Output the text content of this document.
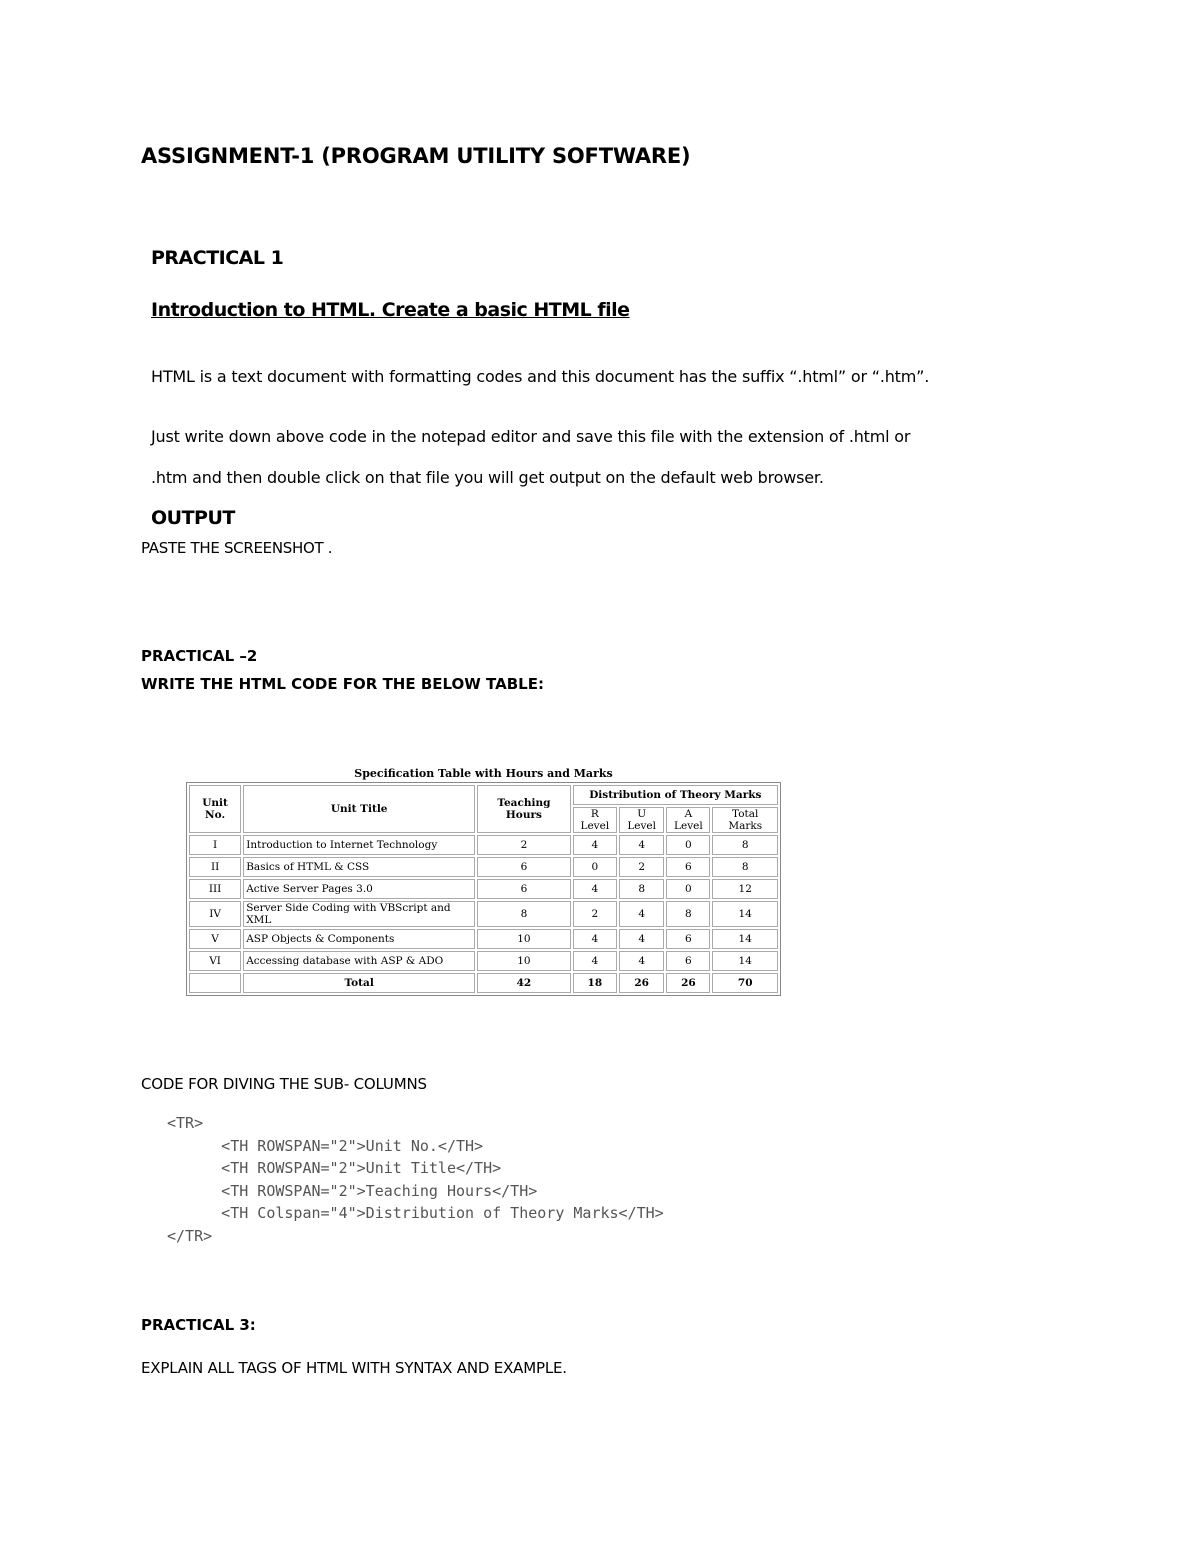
ASSIGNMENT-1 (PROGRAM UTILITY SOFTWARE)
PRACTICAL 1
Introduction to HTML. Create a basic HTML file
HTML is a text document with formatting codes and this document has the suffix “.html” or “.htm”.
Just write down above code in the notepad editor and save this file with the extension of .html or
.htm and then double click on that file you will get output on the default web browser.
OUTPUT
PASTE THE SCREENSHOT .
PRACTICAL –2
WRITE THE HTML CODE FOR THE BELOW TABLE:
Specification Table with Hours and Marks
Unit No.	Unit Title	Teaching Hours	Distribution of Theory Marks			
			R Level	U Level	A Level	Total Marks
I	Introduction to Internet Technology	2	4	4	0	8
II	Basics of HTML & CSS	6	0	2	6	8
III	Active Server Pages 3.0	6	4	8	0	12
IV	Server Side Coding with VBScript and XML	8	2	4	8	14
V	ASP Objects & Components	10	4	4	6	14
VI	Accessing database with ASP & ADO	10	4	4	6	14
	Total	42	18	26	26	70
CODE FOR DIVING THE SUB- COLUMNS
<TR>
<TH ROWSPAN="2">Unit No.</TH>
<TH ROWSPAN="2">Unit Title</TH>
<TH ROWSPAN="2">Teaching Hours</TH>
<TH Colspan="4">Distribution of Theory Marks</TH>
</TR>
PRACTICAL 3:
EXPLAIN ALL TAGS OF HTML WITH SYNTAX AND EXAMPLE.
